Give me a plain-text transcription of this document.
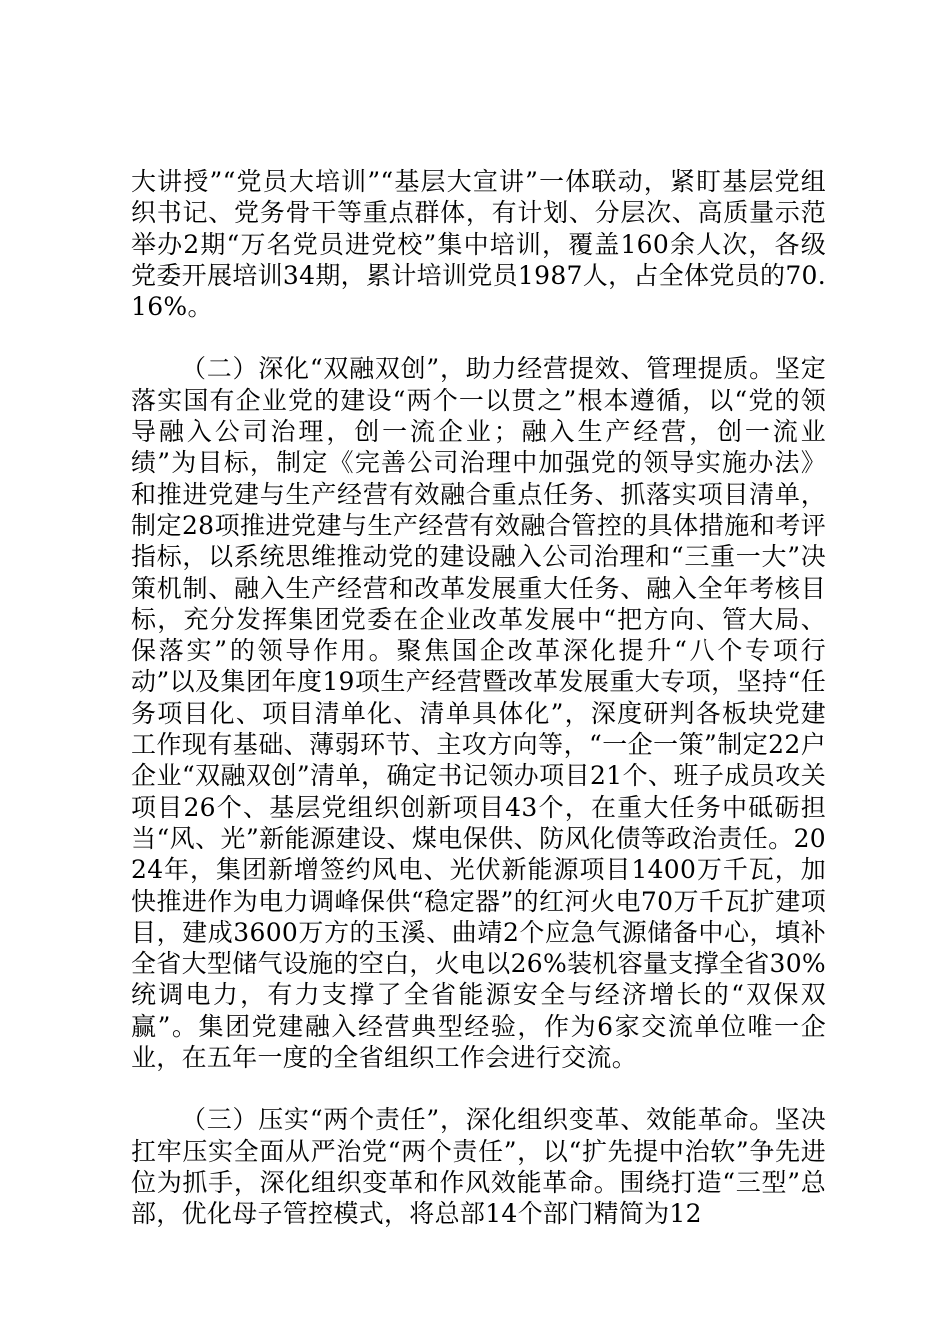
大讲授”“党员大培训”“基层大宣讲”一体联动，紧盯基层党组织书记、党务骨干等重点群体，有计划、分层次、高质量示范举办2期“万名党员进党校”集中培训，覆盖160余人次，各级党委开展培训34期，累计培训党员1987人，占全体党员的70.16%。

（二）深化“双融双创”，助力经营提效、管理提质。坚定落实国有企业党的建设“两个一以贯之”根本遵循，以“党的领导融入公司治理，创一流企业；融入生产经营，创一流业绩”为目标，制定《完善公司治理中加强党的领导实施办法》和推进党建与生产经营有效融合重点任务、抓落实项目清单，制定28项推进党建与生产经营有效融合管控的具体措施和考评指标，以系统思维推动党的建设融入公司治理和“三重一大”决策机制、融入生产经营和改革发展重大任务、融入全年考核目标，充分发挥集团党委在企业改革发展中“把方向、管大局、保落实”的领导作用。聚焦国企改革深化提升“八个专项行动”以及集团年度19项生产经营暨改革发展重大专项，坚持“任务项目化、项目清单化、清单具体化”，深度研判各板块党建工作现有基础、薄弱环节、主攻方向等，“一企一策”制定22户企业“双融双创”清单，确定书记领办项目21个、班子成员攻关项目26个、基层党组织创新项目43个，在重大任务中砥砺担当“风、光”新能源建设、煤电保供、防风化债等政治责任。2024年，集团新增签约风电、光伏新能源项目1400万千瓦，加快推进作为电力调峰保供“稳定器”的红河火电70万千瓦扩建项目，建成3600万方的玉溪、曲靖2个应急气源储备中心，填补全省大型储气设施的空白，火电以26%装机容量支撑全省30%统调电力，有力支撑了全省能源安全与经济增长的“双保双赢”。集团党建融入经营典型经验，作为6家交流单位唯一企业，在五年一度的全省组织工作会进行交流。

（三）压实“两个责任”，深化组织变革、效能革命。坚决扛牢压实全面从严治党“两个责任”，以“扩先提中治软”争先进位为抓手，深化组织变革和作风效能革命。围绕打造“三型”总部，优化母子管控模式，将总部14个部门精简为12
